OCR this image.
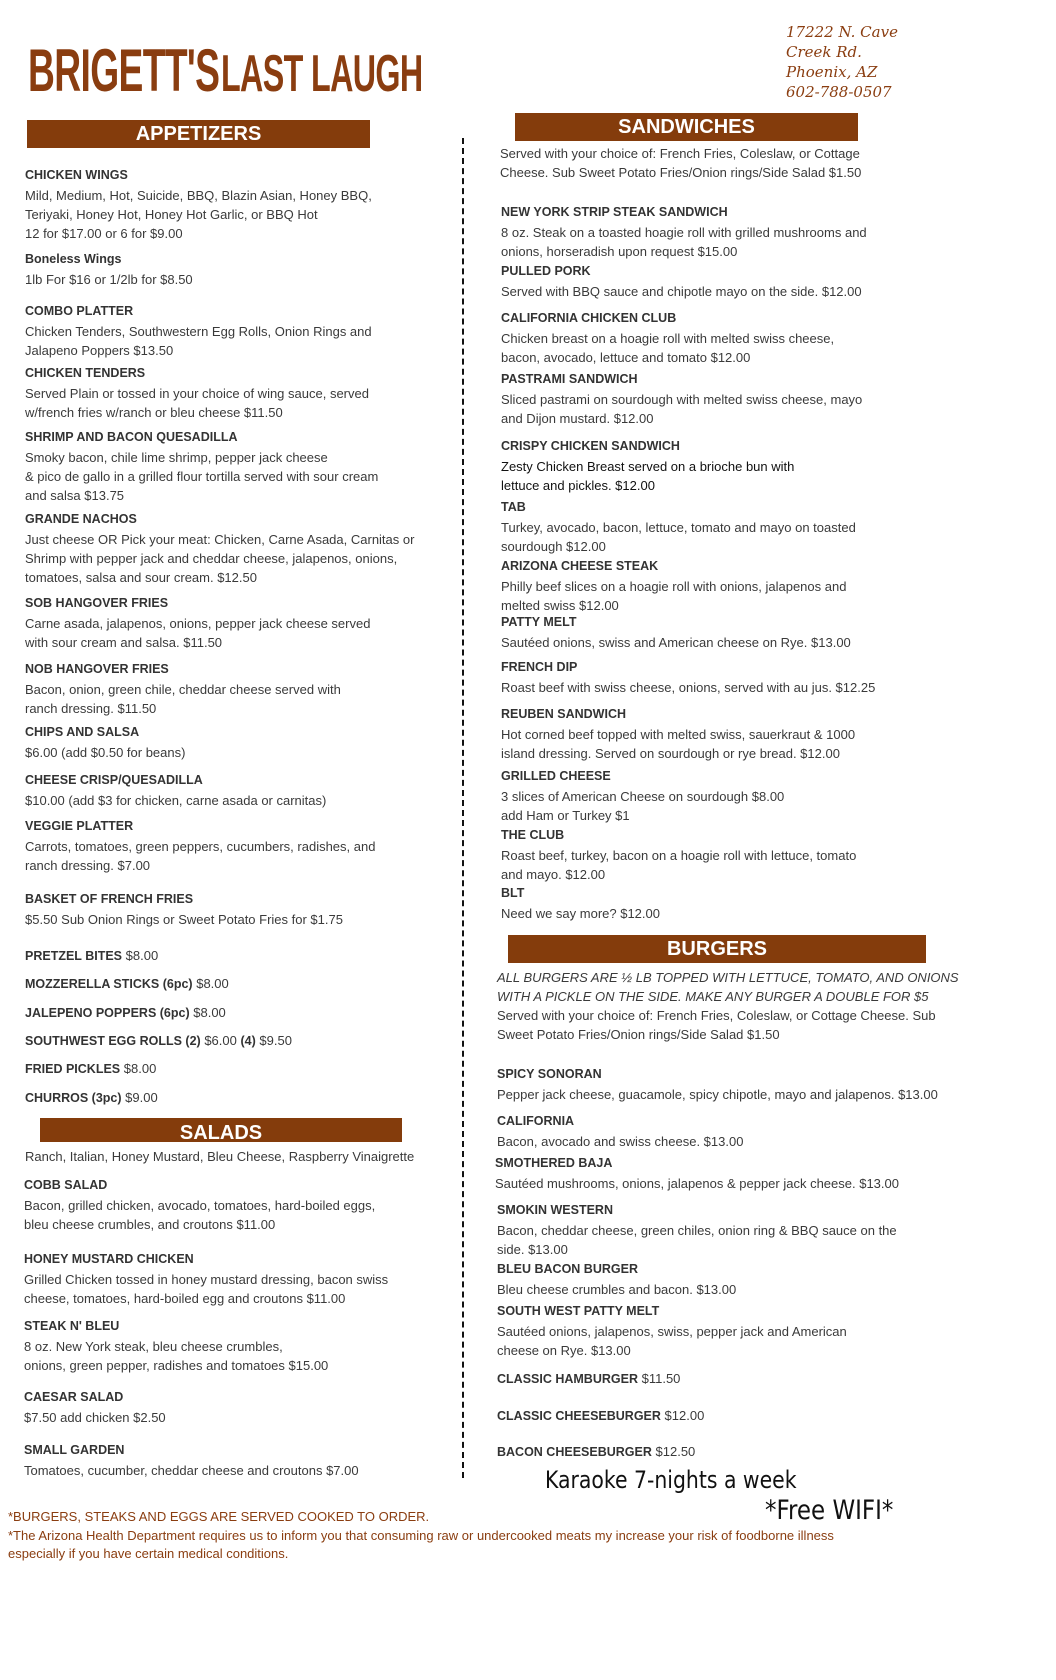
BRIGETT'S LAST LAUGH
17222 N. Cave
Creek Rd.
Phoenix, AZ
602-788-0507
APPETIZERS
SALADS
SANDWICHES
BURGERS
Ranch, Italian, Honey Mustard, Bleu Cheese, Raspberry Vinaigrette
Served with your choice of: French Fries, Coleslaw, or Cottage
Cheese. Sub Sweet Potato Fries/Onion rings/Side Salad $1.50
ALL BURGERS ARE ½ LB TOPPED WITH LETTUCE, TOMATO, AND ONIONS
WITH A PICKLE ON THE SIDE. MAKE ANY BURGER A DOUBLE FOR $5
Served with your choice of: French Fries, Coleslaw, or Cottage Cheese. Sub
Sweet Potato Fries/Onion rings/Side Salad $1.50
CHICKEN WINGS
Mild, Medium, Hot, Suicide, BBQ, Blazin Asian, Honey BBQ,
Teriyaki, Honey Hot, Honey Hot Garlic, or BBQ Hot
12 for $17.00 or 6 for $9.00
Boneless Wings
1lb For $16 or 1/2lb for $8.50
COMBO PLATTER
Chicken Tenders, Southwestern Egg Rolls, Onion Rings and
Jalapeno Poppers $13.50
CHICKEN TENDERS
Served Plain or tossed in your choice of wing sauce, served
w/french fries w/ranch or bleu cheese $11.50
SHRIMP AND BACON QUESADILLA
Smoky bacon, chile lime shrimp, pepper jack cheese
& pico de gallo in a grilled flour tortilla served with sour cream
and salsa $13.75
GRANDE NACHOS
Just cheese OR Pick your meat: Chicken, Carne Asada, Carnitas or
Shrimp with pepper jack and cheddar cheese, jalapenos, onions,
tomatoes, salsa and sour cream. $12.50
SOB HANGOVER FRIES
Carne asada, jalapenos, onions, pepper jack cheese served
with sour cream and salsa. $11.50
NOB HANGOVER FRIES
Bacon, onion, green chile, cheddar cheese served with
ranch dressing. $11.50
CHIPS AND SALSA
$6.00 (add $0.50 for beans)
CHEESE CRISP/QUESADILLA
$10.00 (add $3 for chicken, carne asada or carnitas)
VEGGIE PLATTER
Carrots, tomatoes, green peppers, cucumbers, radishes, and
ranch dressing. $7.00
BASKET OF FRENCH FRIES
$5.50 Sub Onion Rings or Sweet Potato Fries for $1.75
PRETZEL BITES $8.00
MOZZERELLA STICKS (6pc) $8.00
JALEPENO POPPERS (6pc) $8.00
SOUTHWEST EGG ROLLS (2) $6.00 (4) $9.50
FRIED PICKLES $8.00
CHURROS (3pc) $9.00
COBB SALAD
Bacon, grilled chicken, avocado, tomatoes, hard-boiled eggs,
bleu cheese crumbles, and croutons $11.00
HONEY MUSTARD CHICKEN
Grilled Chicken tossed in honey mustard dressing, bacon swiss
cheese, tomatoes, hard-boiled egg and croutons $11.00
STEAK N' BLEU
8 oz. New York steak, bleu cheese crumbles,
onions, green pepper, radishes and tomatoes $15.00
CAESAR SALAD
$7.50 add chicken $2.50
SMALL GARDEN
Tomatoes, cucumber, cheddar cheese and croutons $7.00
NEW YORK STRIP STEAK SANDWICH
8 oz. Steak on a toasted hoagie roll with grilled mushrooms and
onions, horseradish upon request $15.00
PULLED PORK
Served with BBQ sauce and chipotle mayo on the side. $12.00
CALIFORNIA CHICKEN CLUB
Chicken breast on a hoagie roll with melted swiss cheese,
bacon, avocado, lettuce and tomato $12.00
PASTRAMI SANDWICH
Sliced pastrami on sourdough with melted swiss cheese, mayo
and Dijon mustard. $12.00
CRISPY CHICKEN SANDWICH
Zesty Chicken Breast served on a brioche bun with
lettuce and pickles. $12.00
TAB
Turkey, avocado, bacon, lettuce, tomato and mayo on toasted
sourdough $12.00
ARIZONA CHEESE STEAK
Philly beef slices on a hoagie roll with onions, jalapenos and
melted swiss $12.00
PATTY MELT
Sautéed onions, swiss and American cheese on Rye. $13.00
FRENCH DIP
Roast beef with swiss cheese, onions, served with au jus. $12.25
REUBEN SANDWICH
Hot corned beef topped with melted swiss, sauerkraut & 1000
island dressing. Served on sourdough or rye bread. $12.00
GRILLED CHEESE
3 slices of American Cheese on sourdough $8.00
add Ham or Turkey $1
THE CLUB
Roast beef, turkey, bacon on a hoagie roll with lettuce, tomato
and mayo. $12.00
BLT
Need we say more? $12.00
SPICY SONORAN
Pepper jack cheese, guacamole, spicy chipotle, mayo and jalapenos. $13.00
CALIFORNIA
Bacon, avocado and swiss cheese. $13.00
SMOTHERED BAJA
Sautéed mushrooms, onions, jalapenos & pepper jack cheese. $13.00
SMOKIN WESTERN
Bacon, cheddar cheese, green chiles, onion ring & BBQ sauce on the
side. $13.00
BLEU BACON BURGER
Bleu cheese crumbles and bacon. $13.00
SOUTH WEST PATTY MELT
Sautéed onions, jalapenos, swiss, pepper jack and American
cheese on Rye. $13.00
CLASSIC HAMBURGER $11.50
CLASSIC CHEESEBURGER $12.00
BACON CHEESEBURGER $12.50
Karaoke 7-nights a week
*Free WIFI*
*BURGERS, STEAKS AND EGGS ARE SERVED COOKED TO ORDER.
*The Arizona Health Department requires us to inform you that consuming raw or undercooked meats my increase your risk of foodborne illness
especially if you have certain medical conditions.
